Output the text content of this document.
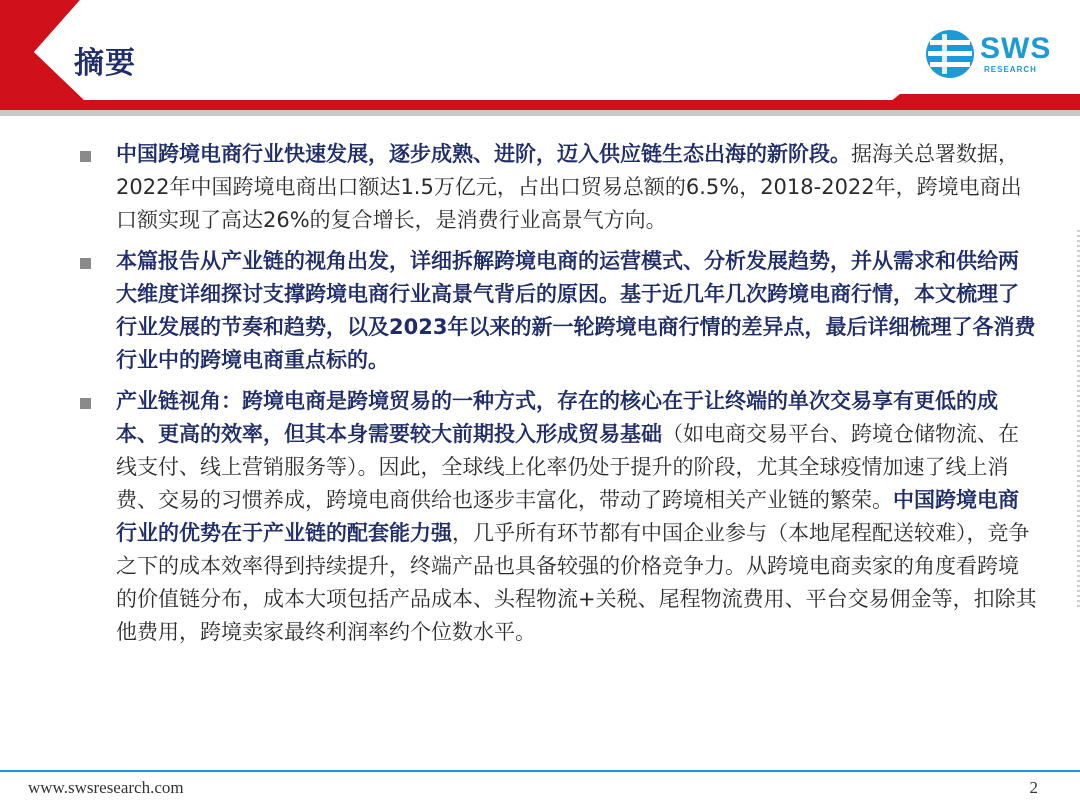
摘要	SWS
RESEARCH
中国跨境电商行业快速发展，逐步成熟、进阶，迈入供应链生态出海的新阶段。据海关总署数据，2022年中国跨境电商出口额达1.5万亿元，占出口贸易总额的6.5%，2018-2022年，跨境电商出口额实现了高达26%的复合增长，是消费行业高景气方向。
本篇报告从产业链的视角出发，详细拆解跨境电商的运营模式、分析发展趋势，并从需求和供给两大维度详细探讨支撑跨境电商行业高景气背后的原因。基于近几年几次跨境电商行情，本文梳理了行业发展的节奏和趋势，以及2023年以来的新一轮跨境电商行情的差异点，最后详细梳理了各消费行业中的跨境电商重点标的。
产业链视角：跨境电商是跨境贸易的一种方式，存在的核心在于让终端的单次交易享有更低的成本、更高的效率，但其本身需要较大前期投入形成贸易基础（如电商交易平台、跨境仓储物流、在线支付、线上营销服务等）。因此，全球线上化率仍处于提升的阶段，尤其全球疫情加速了线上消费、交易的习惯养成，跨境电商供给也逐步丰富化，带动了跨境相关产业链的繁荣。中国跨境电商行业的优势在于产业链的配套能力强，几乎所有环节都有中国企业参与（本地尾程配送较难），竞争之下的成本效率得到持续提升，终端产品也具备较强的价格竞争力。从跨境电商卖家的角度看跨境的价值链分布，成本大项包括产品成本、头程物流+关税、尾程物流费用、平台交易佣金等，扣除其他费用，跨境卖家最终利润率约个位数水平。
www.swsresearch.com	2
